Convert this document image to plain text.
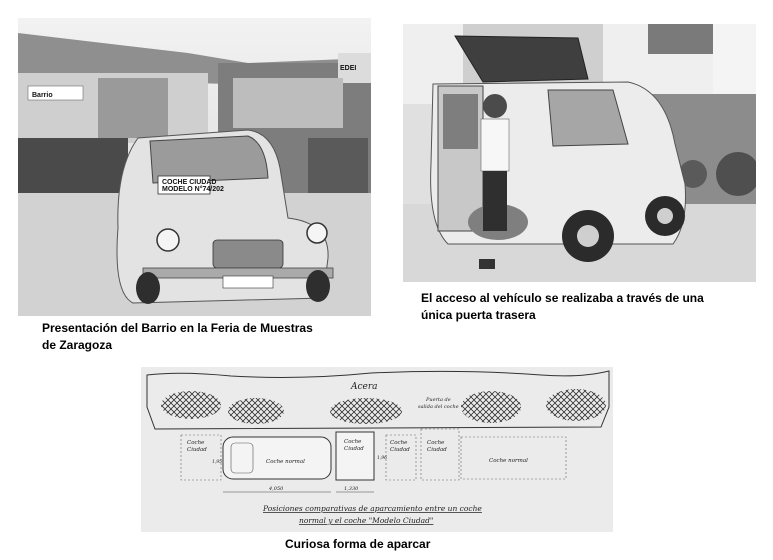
Barrio
EDEI
COCHE CIUDAD
MODELO N°74/202
Presentación del Barrio en la Feria de Muestras
de Zaragoza
El acceso al vehículo se realizaba a través de una
única puerta trasera
Acera
Puerta de
salida del coche
Coche
Ciudad
Coche normal
Coche
Ciudad
Coche
Ciudad
Coche
Ciudad
Coche normal
4,050	1,330
1,96
1,95
Posiciones comparativas de aparcamiento entre un coche
normal y el coche "Modelo Ciudad"
Curiosa forma de aparcar
